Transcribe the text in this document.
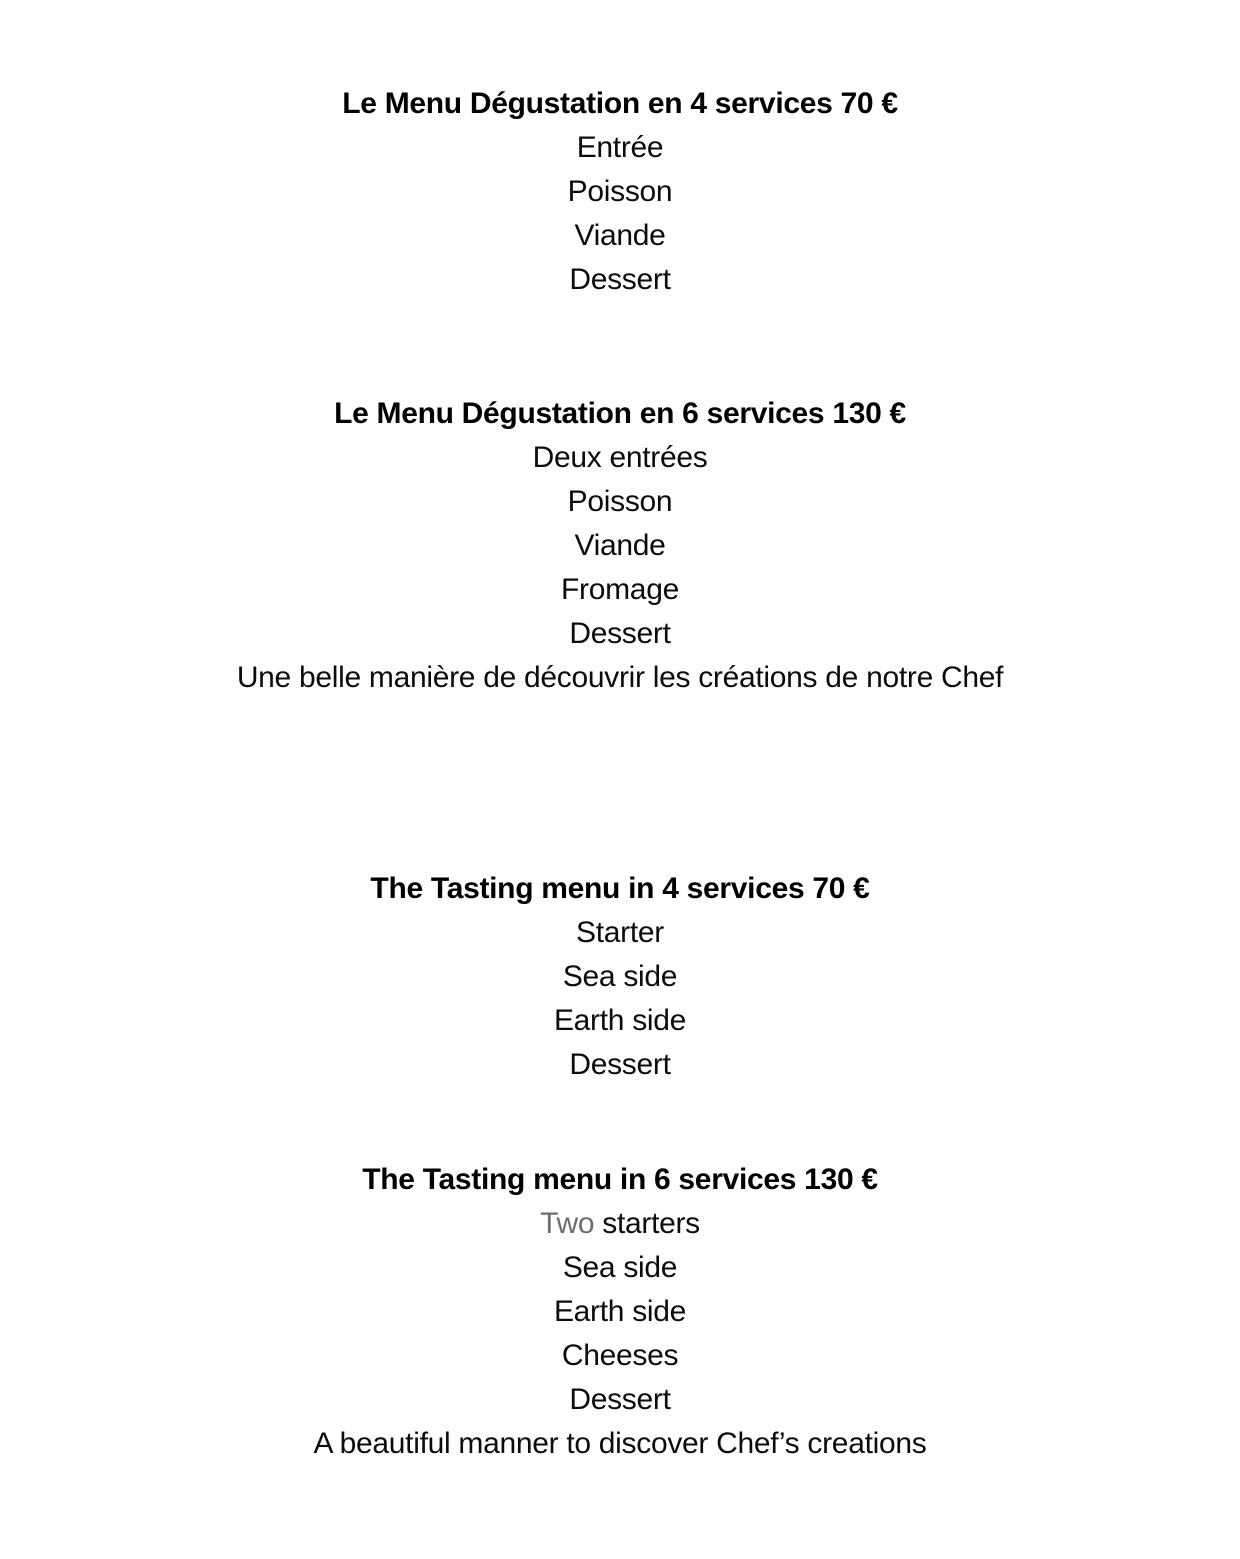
Le Menu Dégustation en 4 services 70 €

Entrée

Poisson

Viande

Dessert

Le Menu Dégustation en 6 services 130 €

Deux entrées

Poisson

Viande

Fromage

Dessert

Une belle manière de découvrir les créations de notre Chef

The Tasting menu in 4 services 70 €

Starter

Sea side

Earth side

Dessert

The Tasting menu in 6 services 130 €

Two starters

Sea side

Earth side

Cheeses

Dessert

A beautiful manner to discover Chef’s creations
